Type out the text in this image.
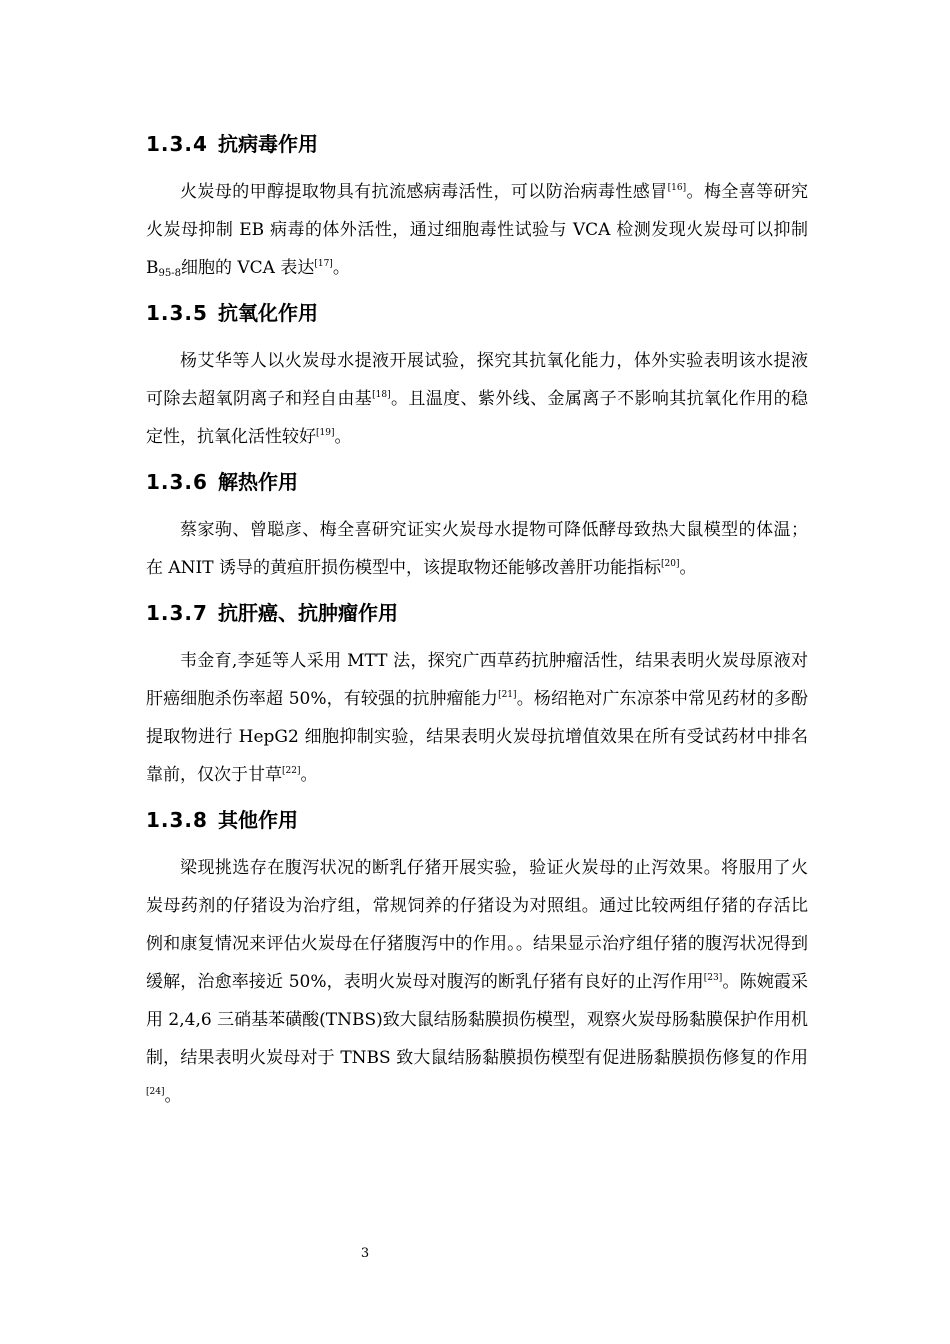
1.3.4 抗病毒作用

火炭母的甲醇提取物具有抗流感病毒活性，可以防治病毒性感冒[16]。梅全喜等研究火炭母抑制 EB 病毒的体外活性，通过细胞毒性试验与 VCA 检测发现火炭母可以抑制 $B_{95-8}$细胞的 VCA 表达[17]。

1.3.5 抗氧化作用

杨艾华等人以火炭母水提液开展试验，探究其抗氧化能力，体外实验表明该水提液可除去超氧阴离子和羟自由基[18]。且温度、紫外线、金属离子不影响其抗氧化作用的稳定性，抗氧化活性较好[19]。

1.3.6 解热作用

蔡家驹、曾聪彦、梅全喜研究证实火炭母水提物可降低酵母致热大鼠模型的体温；在 ANIT 诱导的黄疸肝损伤模型中，该提取物还能够改善肝功能指标[20]。

1.3.7 抗肝癌、抗肿瘤作用

韦金育,李延等人采用 MTT 法，探究广西草药抗肿瘤活性，结果表明火炭母原液对肝癌细胞杀伤率超 50%，有较强的抗肿瘤能力[21]。杨绍艳对广东凉茶中常见药材的多酚提取物进行 HepG2 细胞抑制实验，结果表明火炭母抗增值效果在所有受试药材中排名靠前，仅次于甘草[22]。

1.3.8 其他作用

梁现挑选存在腹泻状况的断乳仔猪开展实验，验证火炭母的止泻效果。将服用了火炭母药剂的仔猪设为治疗组，常规饲养的仔猪设为对照组。通过比较两组仔猪的存活比例和康复情况来评估火炭母在仔猪腹泻中的作用。。结果显示治疗组仔猪的腹泻状况得到缓解，治愈率接近 50%，表明火炭母对腹泻的断乳仔猪有良好的止泻作用[23]。陈婉霞采用 2,4,6 三硝基苯磺酸(TNBS)致大鼠结肠黏膜损伤模型，观察火炭母肠黏膜保护作用机制，结果表明火炭母对于 TNBS 致大鼠结肠黏膜损伤模型有促进肠黏膜损伤修复的作用[24]。

3
